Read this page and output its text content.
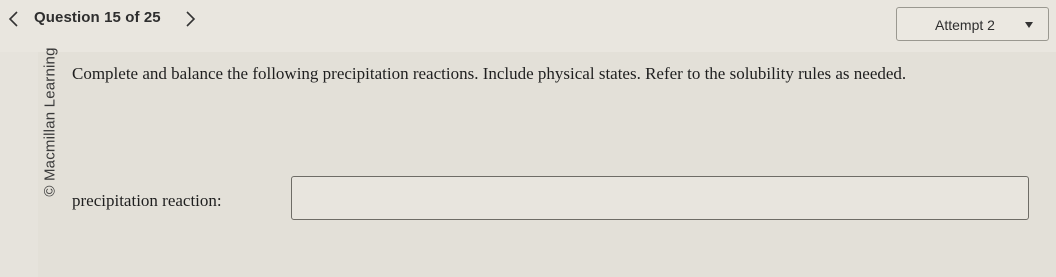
Question 15 of 25	Attempt 2
© Macmillan Learning Complete and balance the following precipitation reactions. Include physical states. Refer to the solubility rules as needed.
precipitation reaction:
